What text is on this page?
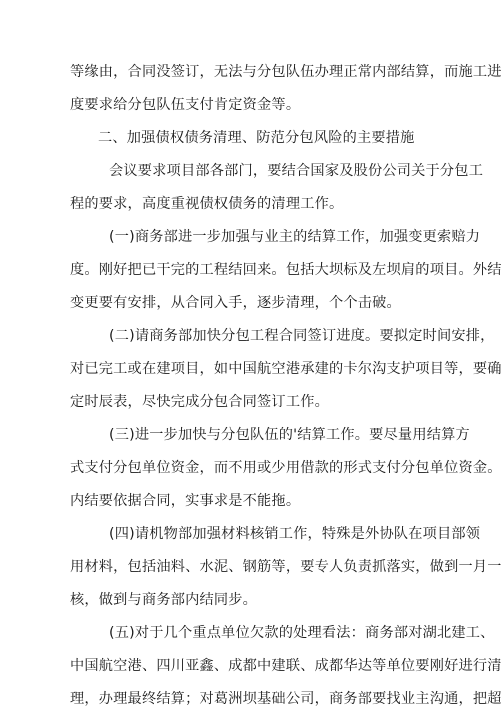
等缘由，合同没签订，无法与分包队伍办理正常内部结算，而施工进
度要求给分包队伍支付肯定资金等。
二、加强债权债务清理、防范分包风险的主要措施
会议要求项目部各部门，要结合国家及股份公司关于分包工
程的要求，高度重视债权债务的清理工作。
(一)商务部进一步加强与业主的结算工作，加强变更索赔力
度。刚好把已干完的工程结回来。包括大坝标及左坝肩的项目。外结
变更要有安排，从合同入手，逐步清理，个个击破。
(二)请商务部加快分包工程合同签订进度。要拟定时间安排，
对已完工或在建项目，如中国航空港承建的卡尔沟支护项目等，要确
定时辰表，尽快完成分包合同签订工作。
(三)进一步加快与分包队伍的'结算工作。要尽量用结算方
式支付分包单位资金，而不用或少用借款的形式支付分包单位资金。
内结要依据合同，实事求是不能拖。
(四)请机物部加强材料核销工作，特殊是外协队在项目部领
用材料，包括油料、水泥、钢筋等，要专人负责抓落实，做到一月一
核，做到与商务部内结同步。
(五)对于几个重点单位欠款的处理看法：商务部对湖北建工、
中国航空港、四川亚鑫、成都中建联、成都华达等单位要刚好进行清
理，办理最终结算；对葛洲坝基础公司，商务部要找业主沟通，把超
